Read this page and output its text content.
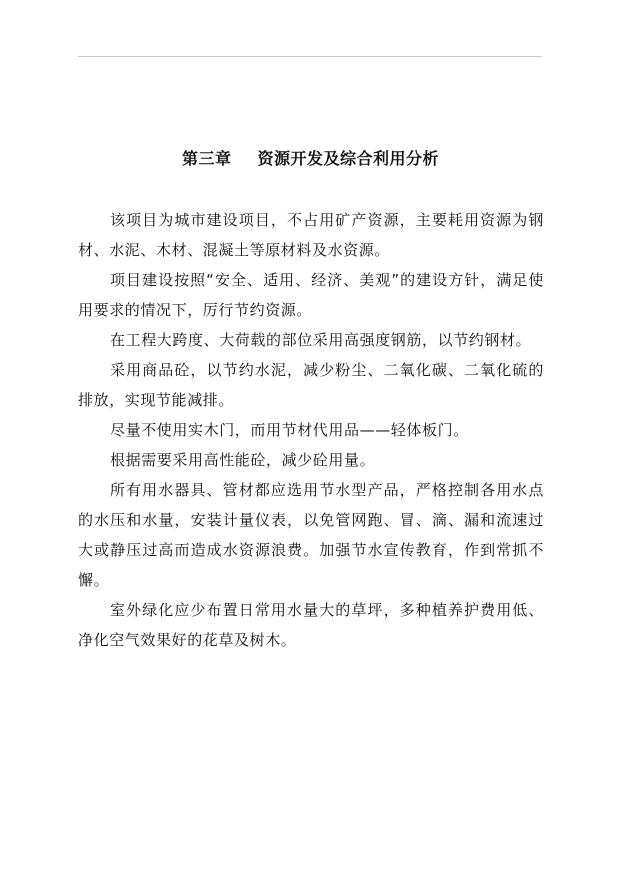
第三章 资源开发及综合利用分析

该项目为城市建设项目，不占用矿产资源，主要耗用资源为钢材、水泥、木材、混凝土等原材料及水资源。

项目建设按照“安全、适用、经济、美观”的建设方针，满足使用要求的情况下，厉行节约资源。

在工程大跨度、大荷载的部位采用高强度钢筋，以节约钢材。

采用商品砼，以节约水泥，减少粉尘、二氧化碳、二氧化硫的排放，实现节能减排。

尽量不使用实木门，而用节材代用品——轻体板门。

根据需要采用高性能砼，减少砼用量。

所有用水器具、管材都应选用节水型产品，严格控制各用水点的水压和水量，安装计量仪表，以免管网跑、冒、滴、漏和流速过大或静压过高而造成水资源浪费。加强节水宣传教育，作到常抓不懈。

室外绿化应少布置日常用水量大的草坪，多种植养护费用低、净化空气效果好的花草及树木。
